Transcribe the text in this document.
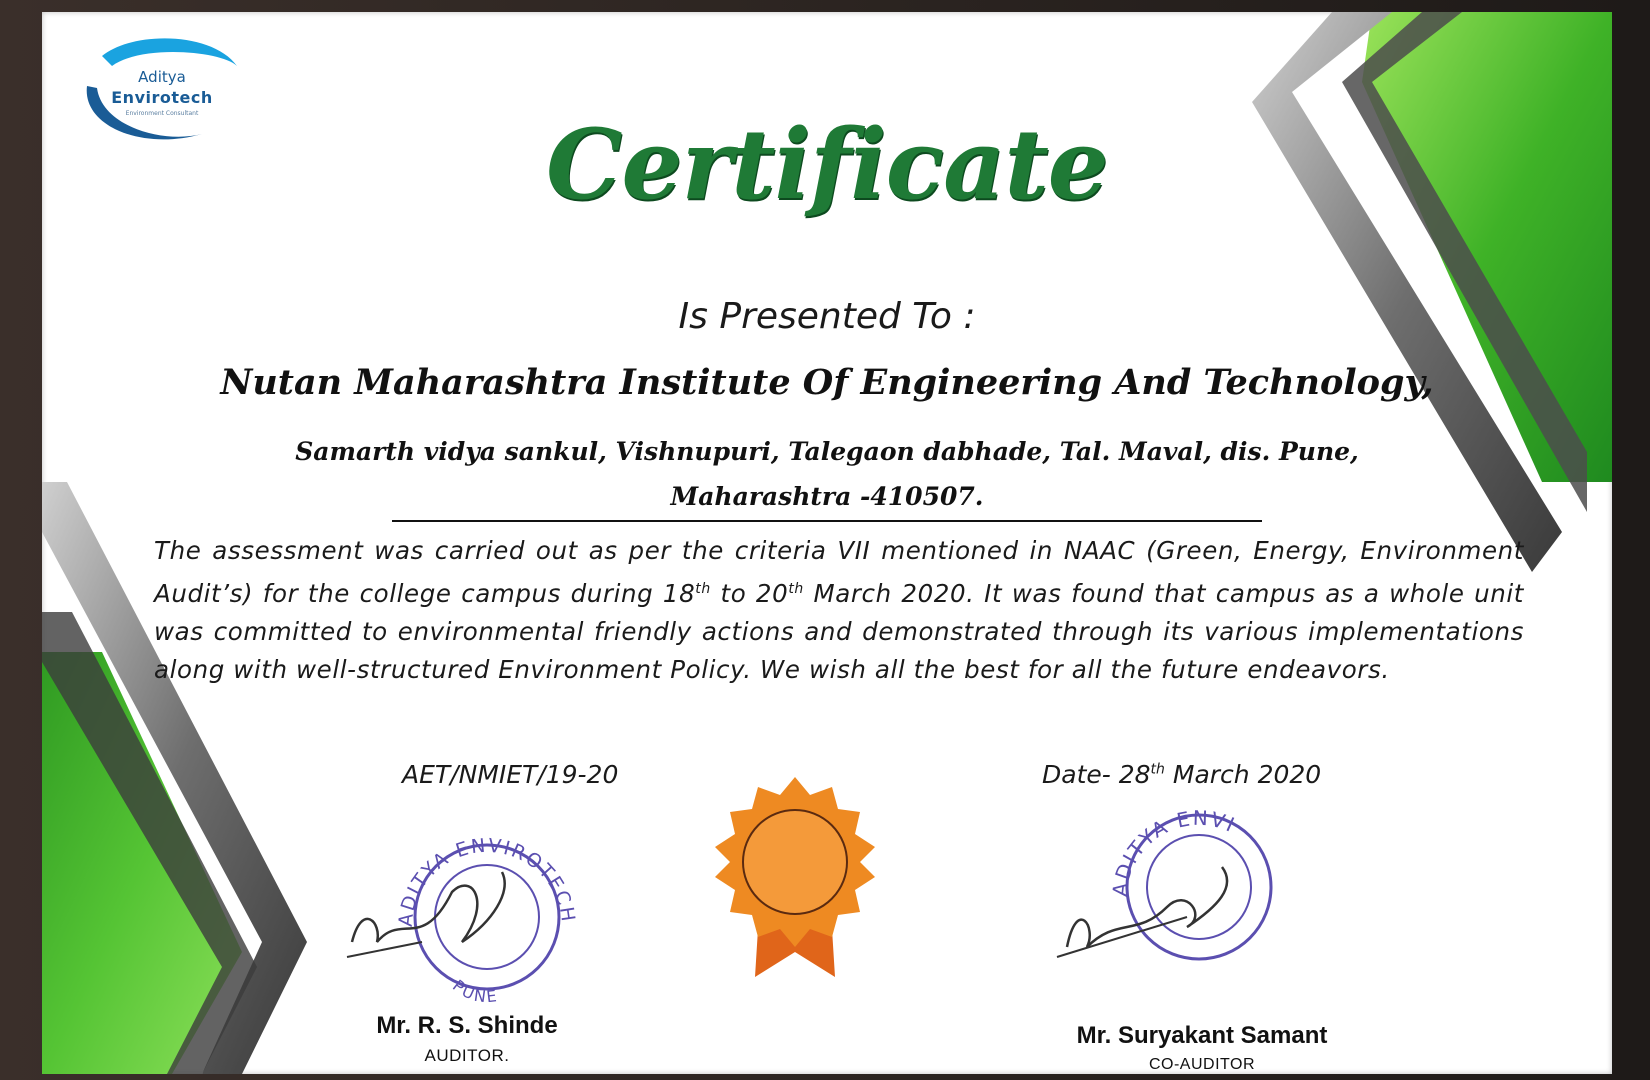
Aditya
Envirotech
Environment Consultant	Certificate
Is Presented To :
Nutan Maharashtra Institute Of Engineering And Technology,
Samarth vidya sankul, Vishnupuri, Talegaon dabhade, Tal. Maval, dis. Pune,
Maharashtra -410507.
The assessment was carried out as per the criteria VII mentioned in NAAC (Green, Energy, Environment Audit’s) for the college campus during 18th to 20th March 2020. It was found that campus as a whole unit was committed to environmental friendly actions and demonstrated through its various implementations along with well-structured Environment Policy. We wish all the best for all the future endeavors.
AET/NMIET/19-20	Date- 28th March 2020
ADITYA ENVIROTECH
PUNE
ADITYA ENVI
Mr. R. S. Shinde
AUDITOR.
Mr. Suryakant Samant
CO-AUDITOR
